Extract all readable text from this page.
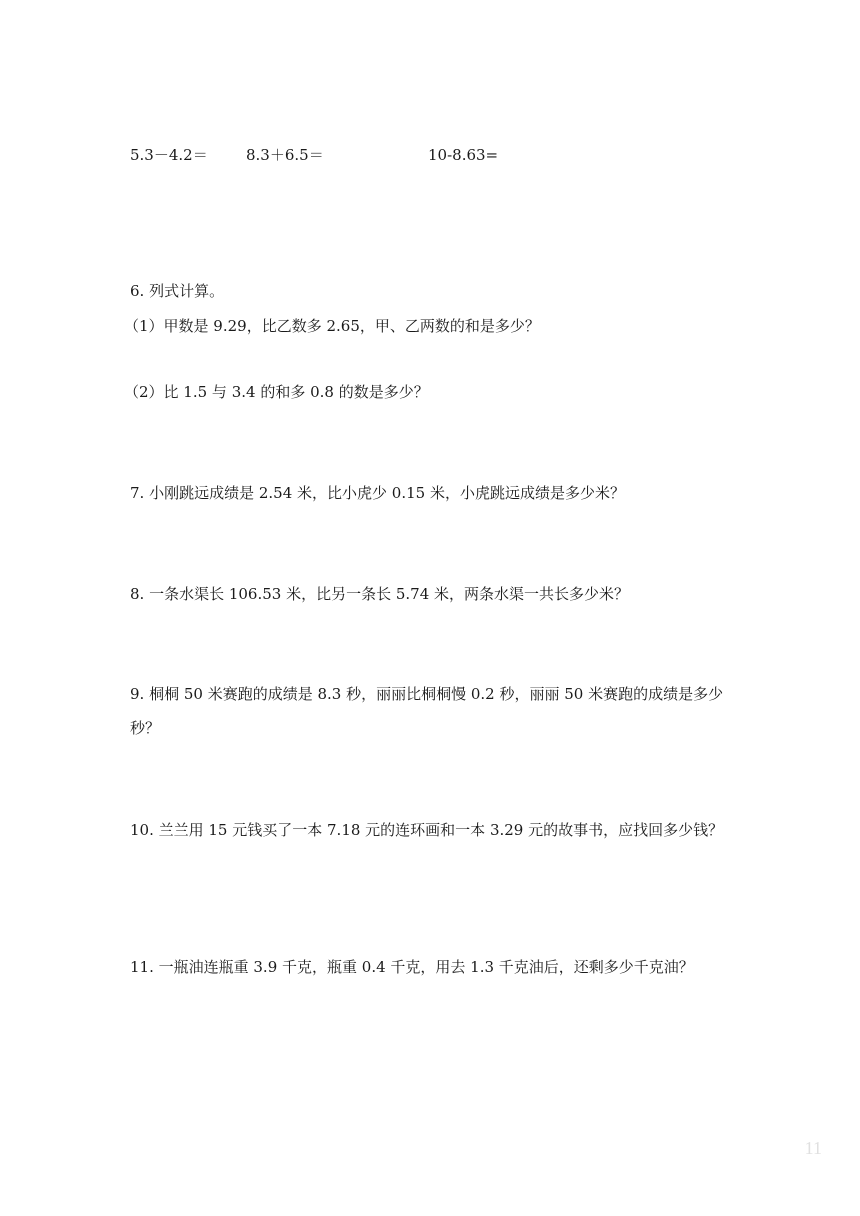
5.3－4.2＝	8.3＋6.5＝	10-8.63=
6. 列式计算。
（1）甲数是 9.29，比乙数多 2.65，甲、乙两数的和是多少？
（2）比 1.5 与 3.4 的和多 0.8 的数是多少？
7. 小刚跳远成绩是 2.54 米，比小虎少 0.15 米，小虎跳远成绩是多少米？
8. 一条水渠长 106.53 米，比另一条长 5.74 米，两条水渠一共长多少米？
9. 桐桐 50 米赛跑的成绩是 8.3 秒，丽丽比桐桐慢 0.2 秒，丽丽 50 米赛跑的成绩是多少秒？
10. 兰兰用 15 元钱买了一本 7.18 元的连环画和一本 3.29 元的故事书，应找回多少钱？
11. 一瓶油连瓶重 3.9 千克，瓶重 0.4 千克，用去 1.3 千克油后，还剩多少千克油？
11
